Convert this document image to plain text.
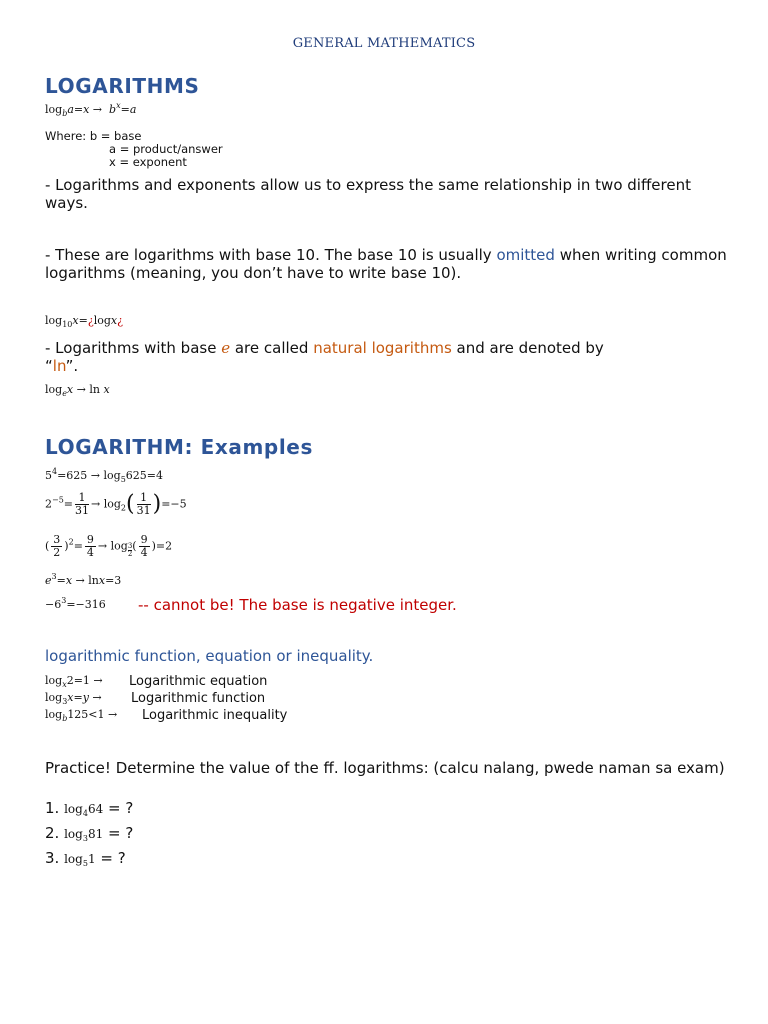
GENERAL MATHEMATICS
LOGARITHMS
$\log_ba=x \to b^x=a$
Where: b = base
a = product/answer
x = exponent
- Logarithms and exponents allow us to express the same relationship in two different ways.
- These are logarithms with base 10. The base 10 is usually omitted when writing common logarithms (meaning, you don’t have to write base 10).
$\log_{10}x=¿\log x¿$
- Logarithms with base e are called natural logarithms and are denoted by
“ln”.
$\log_ex \to \ln x$
LOGARITHM: Examples
$5^4=625 \to \log_5625=4$
$2^{-5}= \frac{1}{31} \to \log_2( \frac{1}{31} )=-5$
( $\frac{3}{2} )^2= \frac{9}{4} \to \log \frac{3}{2}$ ( $\frac{9}{4} )=2$
$e^3=x \to \ln x=3$
$-6^3=-316$ -- cannot be! The base is negative integer.
logarithmic function, equation or inequality.
$\log_x2=1$ → Logarithmic equation
$\log_3x=y$ → Logarithmic function
$\log_b125<1$ → Logarithmic inequality
Practice! Determine the value of the ff. logarithms: (calcu nalang, pwede naman sa exam)
1. $\log_464$ = ?
2. $\log_381$ = ?
3. $\log_51$ = ?
